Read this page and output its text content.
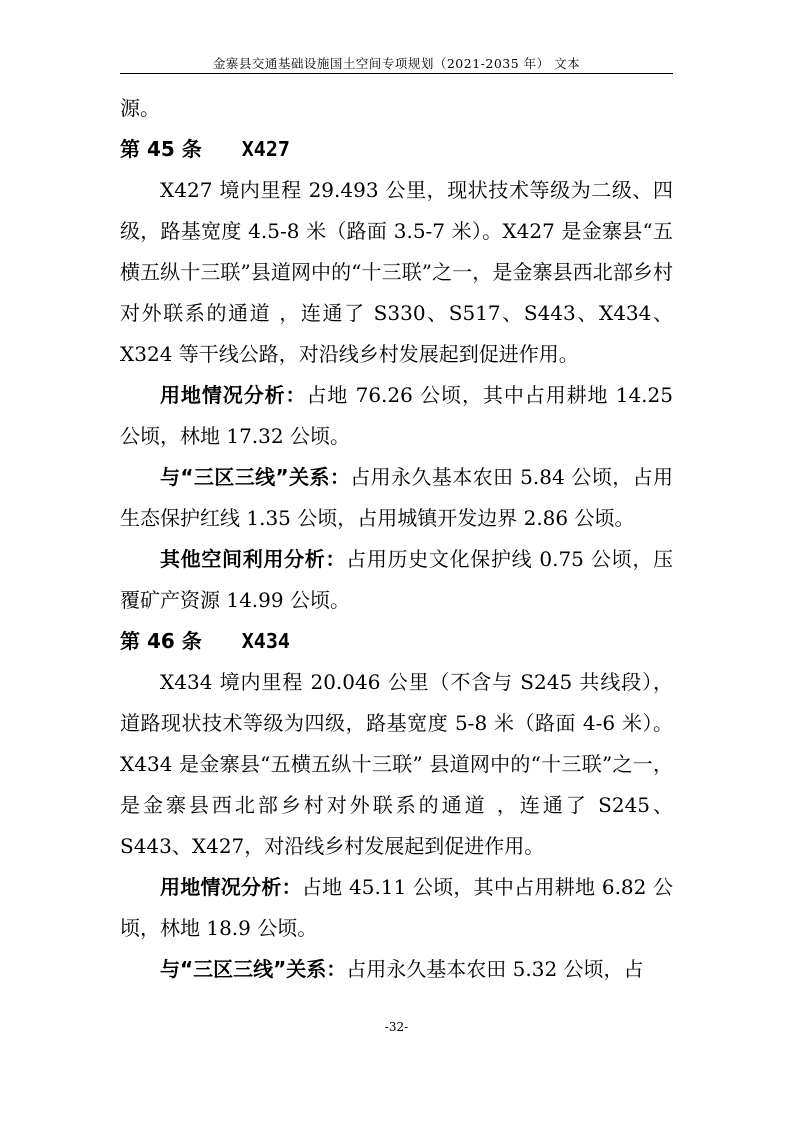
金寨县交通基础设施国土空间专项规划（2021-2035 年） 文本

源。

第 45 条 X427

X427 境内里程 29.493 公里，现状技术等级为二级、四级，路基宽度 4.5-8 米（路面 3.5-7 米）。X427 是金寨县“五横五纵十三联”县道网中的“十三联”之一，是金寨县西北部乡村对外联系的通道 ，连通了 S330、S517、S443、X434、X324 等干线公路，对沿线乡村发展起到促进作用。

用地情况分析：占地 76.26 公顷，其中占用耕地 14.25 公顷，林地 17.32 公顷。

与“三区三线”关系：占用永久基本农田 5.84 公顷，占用生态保护红线 1.35 公顷，占用城镇开发边界 2.86 公顷。

其他空间利用分析：占用历史文化保护线 0.75 公顷，压覆矿产资源 14.99 公顷。

第 46 条 X434

X434 境内里程 20.046 公里（不含与 S245 共线段），道路现状技术等级为四级，路基宽度 5-8 米（路面 4-6 米）。X434 是金寨县“五横五纵十三联” 县道网中的“十三联”之一，是金寨县西北部乡村对外联系的通道 ，连通了 S245、S443、X427，对沿线乡村发展起到促进作用。

用地情况分析：占地 45.11 公顷，其中占用耕地 6.82 公顷，林地 18.9 公顷。

与“三区三线”关系：占用永久基本农田 5.32 公顷，占

-32-
